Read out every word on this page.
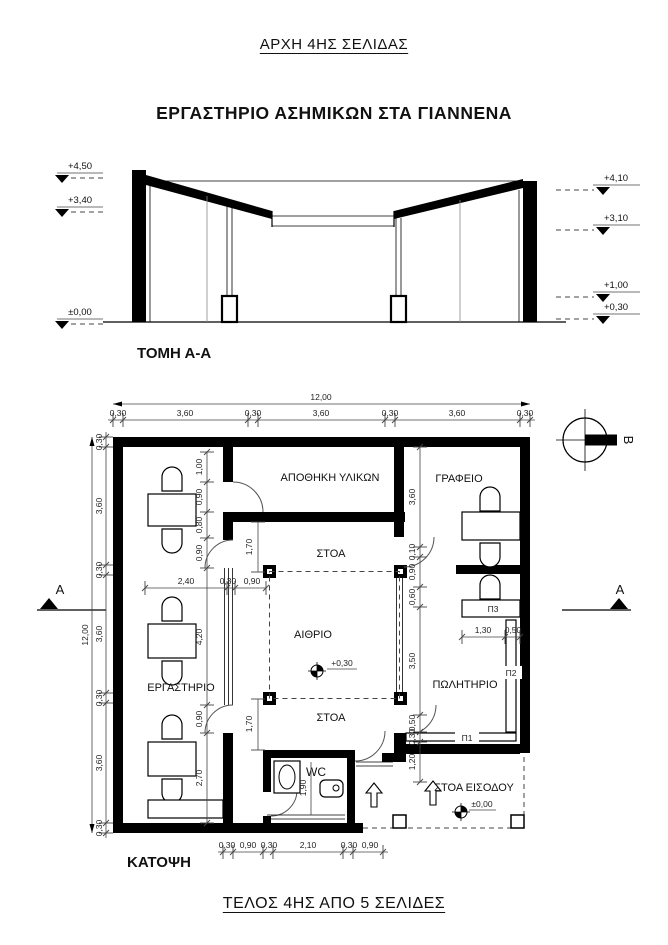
ΑΡΧΗ 4ΗΣ ΣΕΛΙΔΑΣ
ΕΡΓΑΣΤΗΡΙΟ ΑΣΗΜΙΚΩΝ ΣΤΑ ΓΙΑΝΝΕΝΑ
ΤΕΛΟΣ 4ΗΣ ΑΠΟ 5 ΣΕΛΙΔΕΣ
+4,50
+3,40
±0,00
+4,10
+3,10
+1,00
+0,30
ΤΟΜΗ Α-Α
Π3
Π2
Π1
ΑΠΟΘΗΚΗ ΥΛΙΚΩΝ	ΓΡΑΦΕΙΟ
ΣΤΟΑ
ΑΙΘΡΙΟ
ΕΡΓΑΣΤΗΡΙΟ	ΠΩΛΗΤΗΡΙΟ
ΣΤΟΑ
WC
ΣΤΟΑ ΕΙΣΟΔΟΥ
+0,30
±0,00
A	A
B
12,00
0,30	3,60	0,30	3,60	0,30	3,60	0,30
12,00
0,30
3,60
0,30
3,60
0,30
3,60
0,30
0,30 0,90 0,30	2,10	0,30 0,90
1,00
0,90
0,80
0,90
2,40	0,30 0,90
4,20
0,90
2,70
1,70
1,70
1,90
3,60
0,10
0,90
0,60
3,50
0,50
0,30
1,20
1,30 0,50
ΚΑΤΟΨΗ
